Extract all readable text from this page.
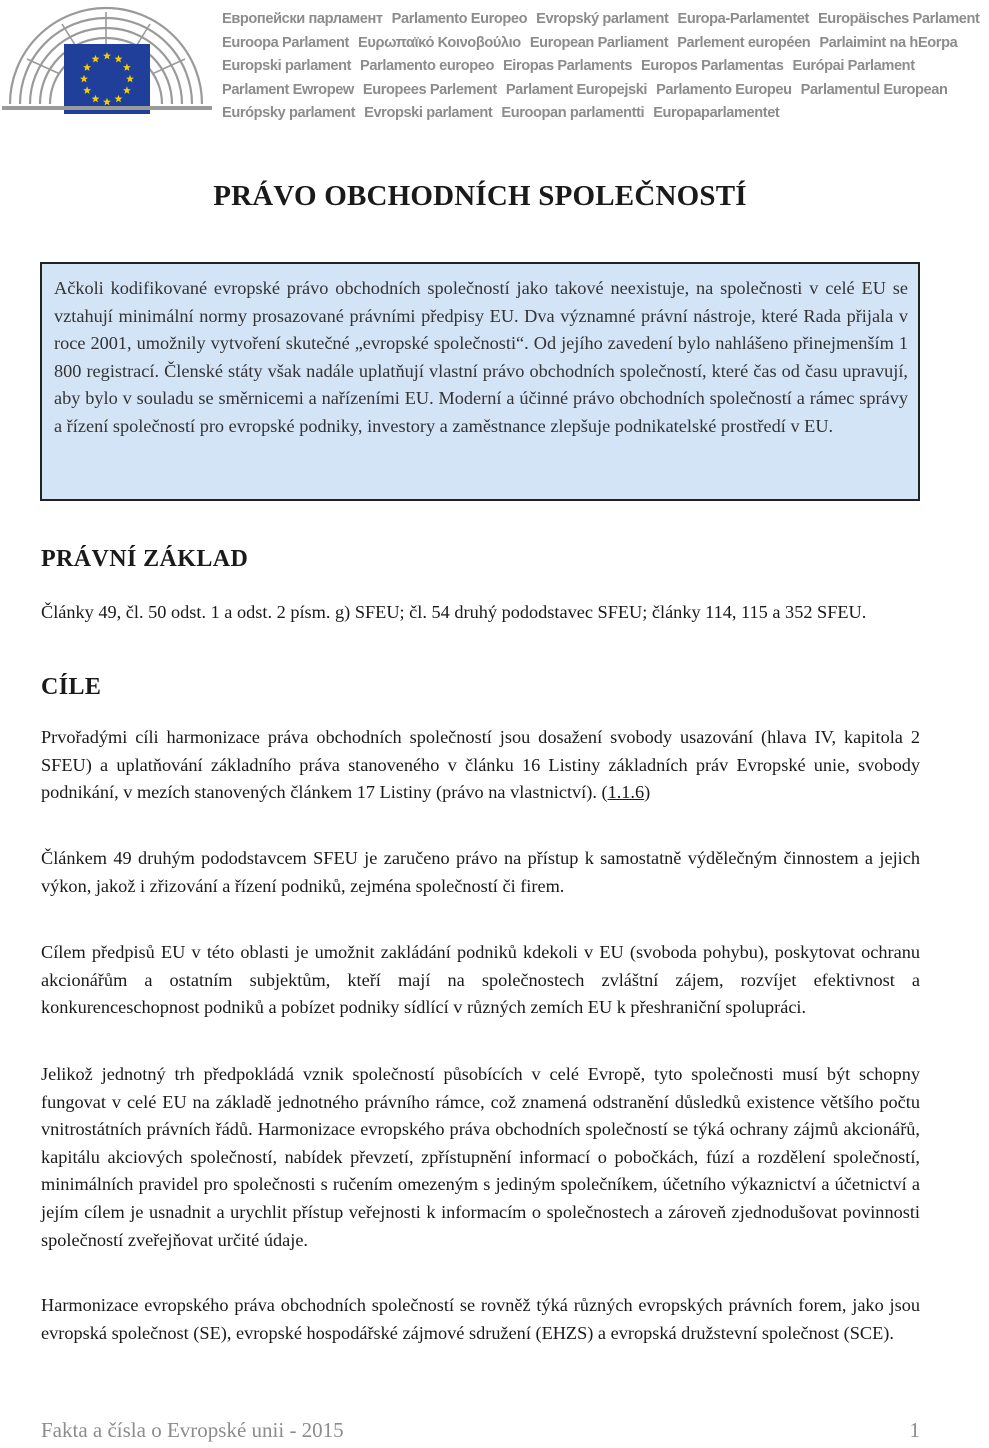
Европейски парламент Parlamento Europeo Evropský parlament Europa-Parlamentet Europäisches Parlament
Euroopa Parlament Ευρωπαϊκό Κοινοβούλιο European Parliament Parlement européen Parlaimint na hEorpa
Europski parlament Parlamento europeo Eiropas Parlaments Europos Parlamentas Európai Parlament
Parlament Ewropew Europees Parlement Parlament Europejski Parlamento Europeu Parlamentul European
Európsky parlament Evropski parlament Euroopan parlamentti Europaparlamentet
PRÁVO OBCHODNÍCH SPOLEČNOSTÍ
Ačkoli kodifikované evropské právo obchodních společností jako takové neexistuje, na společnosti v celé EU se vztahují minimální normy prosazované právními předpisy EU. Dva významné právní nástroje, které Rada přijala v roce 2001, umožnily vytvoření skutečné „evropské společnosti“. Od jejího zavedení bylo nahlášeno přinejmenším 1 800 registrací. Členské státy však nadále uplatňují vlastní právo obchodních společností, které čas od času upravují, aby bylo v souladu se směrnicemi a nařízeními EU. Moderní a účinné právo obchodních společností a rámec správy a řízení společností pro evropské podniky, investory a zaměstnance zlepšuje podnikatelské prostředí v EU.
PRÁVNÍ ZÁKLAD

Články 49, čl. 50 odst. 1 a odst. 2 písm. g) SFEU; čl. 54 druhý pododstavec SFEU; články 114, 115 a 352 SFEU.

CÍLE

Prvořadými cíli harmonizace práva obchodních společností jsou dosažení svobody usazování (hlava IV, kapitola 2 SFEU) a uplatňování základního práva stanoveného v článku 16 Listiny základních práv Evropské unie, svobody podnikání, v mezích stanovených článkem 17 Listiny (právo na vlastnictví). (1.1.6)

Článkem 49 druhým pododstavcem SFEU je zaručeno právo na přístup k samostatně výdělečným činnostem a jejich výkon, jakož i zřizování a řízení podniků, zejména společností či firem.

Cílem předpisů EU v této oblasti je umožnit zakládání podniků kdekoli v EU (svoboda pohybu), poskytovat ochranu akcionářům a ostatním subjektům, kteří mají na společnostech zvláštní zájem, rozvíjet efektivnost a konkurenceschopnost podniků a pobízet podniky sídlící v různých zemích EU k přeshraniční spolupráci.

Jelikož jednotný trh předpokládá vznik společností působících v celé Evropě, tyto společnosti musí být schopny fungovat v celé EU na základě jednotného právního rámce, což znamená odstranění důsledků existence většího počtu vnitrostátních právních řádů. Harmonizace evropského práva obchodních společností se týká ochrany zájmů akcionářů, kapitálu akciových společností, nabídek převzetí, zpřístupnění informací o pobočkách, fúzí a rozdělení společností, minimálních pravidel pro společnosti s ručením omezeným s jediným společníkem, účetního výkaznictví a účetnictví a jejím cílem je usnadnit a urychlit přístup veřejnosti k informacím o společnostech a zároveň zjednodušovat povinnosti společností zveřejňovat určité údaje.

Harmonizace evropského práva obchodních společností se rovněž týká různých evropských právních forem, jako jsou evropská společnost (SE), evropské hospodářské zájmové sdružení (EHZS) a evropská družstevní společnost (SCE).

Fakta a čísla o Evropské unii - 2015	1
